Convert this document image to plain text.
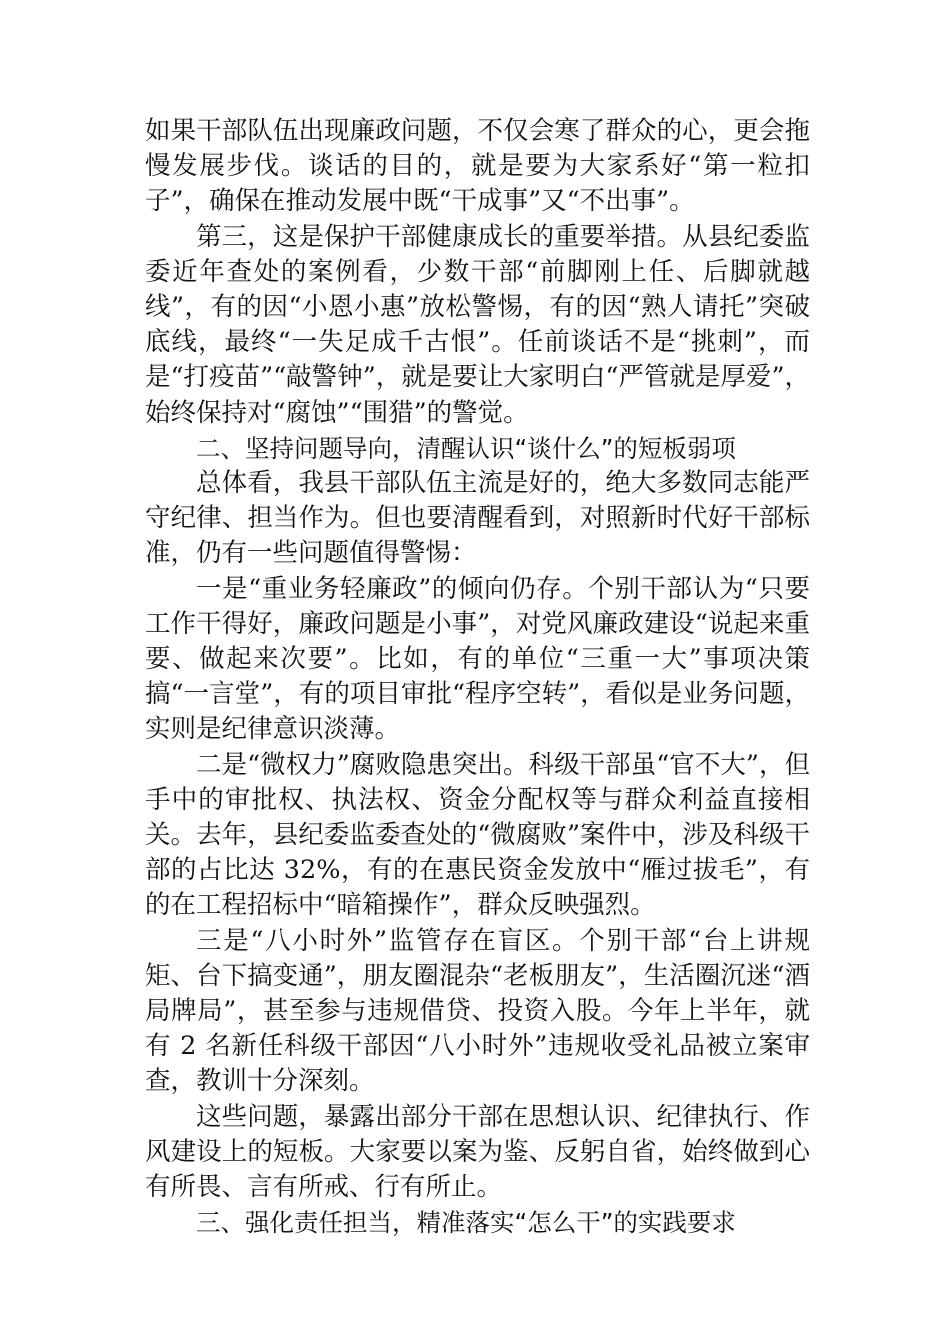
如果干部队伍出现廉政问题，不仅会寒了群众的心，更会拖慢发展步伐。谈话的目的，就是要为大家系好“第一粒扣子”，确保在推动发展中既“干成事”又“不出事”。

第三，这是保护干部健康成长的重要举措。从县纪委监委近年查处的案例看，少数干部“前脚刚上任、后脚就越线”，有的因“小恩小惠”放松警惕，有的因“熟人请托”突破底线，最终“一失足成千古恨”。任前谈话不是“挑刺”，而是“打疫苗”“敲警钟”，就是要让大家明白“严管就是厚爱”，始终保持对“腐蚀”“围猎”的警觉。

二、坚持问题导向，清醒认识“谈什么”的短板弱项

总体看，我县干部队伍主流是好的，绝大多数同志能严守纪律、担当作为。但也要清醒看到，对照新时代好干部标准，仍有一些问题值得警惕：

一是“重业务轻廉政”的倾向仍存。个别干部认为“只要工作干得好，廉政问题是小事”，对党风廉政建设“说起来重要、做起来次要”。比如，有的单位“三重一大”事项决策搞“一言堂”，有的项目审批“程序空转”，看似是业务问题，实则是纪律意识淡薄。

二是“微权力”腐败隐患突出。科级干部虽“官不大”，但手中的审批权、执法权、资金分配权等与群众利益直接相关。去年，县纪委监委查处的“微腐败”案件中，涉及科级干部的占比达 32%，有的在惠民资金发放中“雁过拔毛”，有的在工程招标中“暗箱操作”，群众反映强烈。

三是“八小时外”监管存在盲区。个别干部“台上讲规矩、台下搞变通”，朋友圈混杂“老板朋友”，生活圈沉迷“酒局牌局”，甚至参与违规借贷、投资入股。今年上半年，就有 2 名新任科级干部因“八小时外”违规收受礼品被立案审查，教训十分深刻。

这些问题，暴露出部分干部在思想认识、纪律执行、作风建设上的短板。大家要以案为鉴、反躬自省，始终做到心有所畏、言有所戒、行有所止。

三、强化责任担当，精准落实“怎么干”的实践要求
